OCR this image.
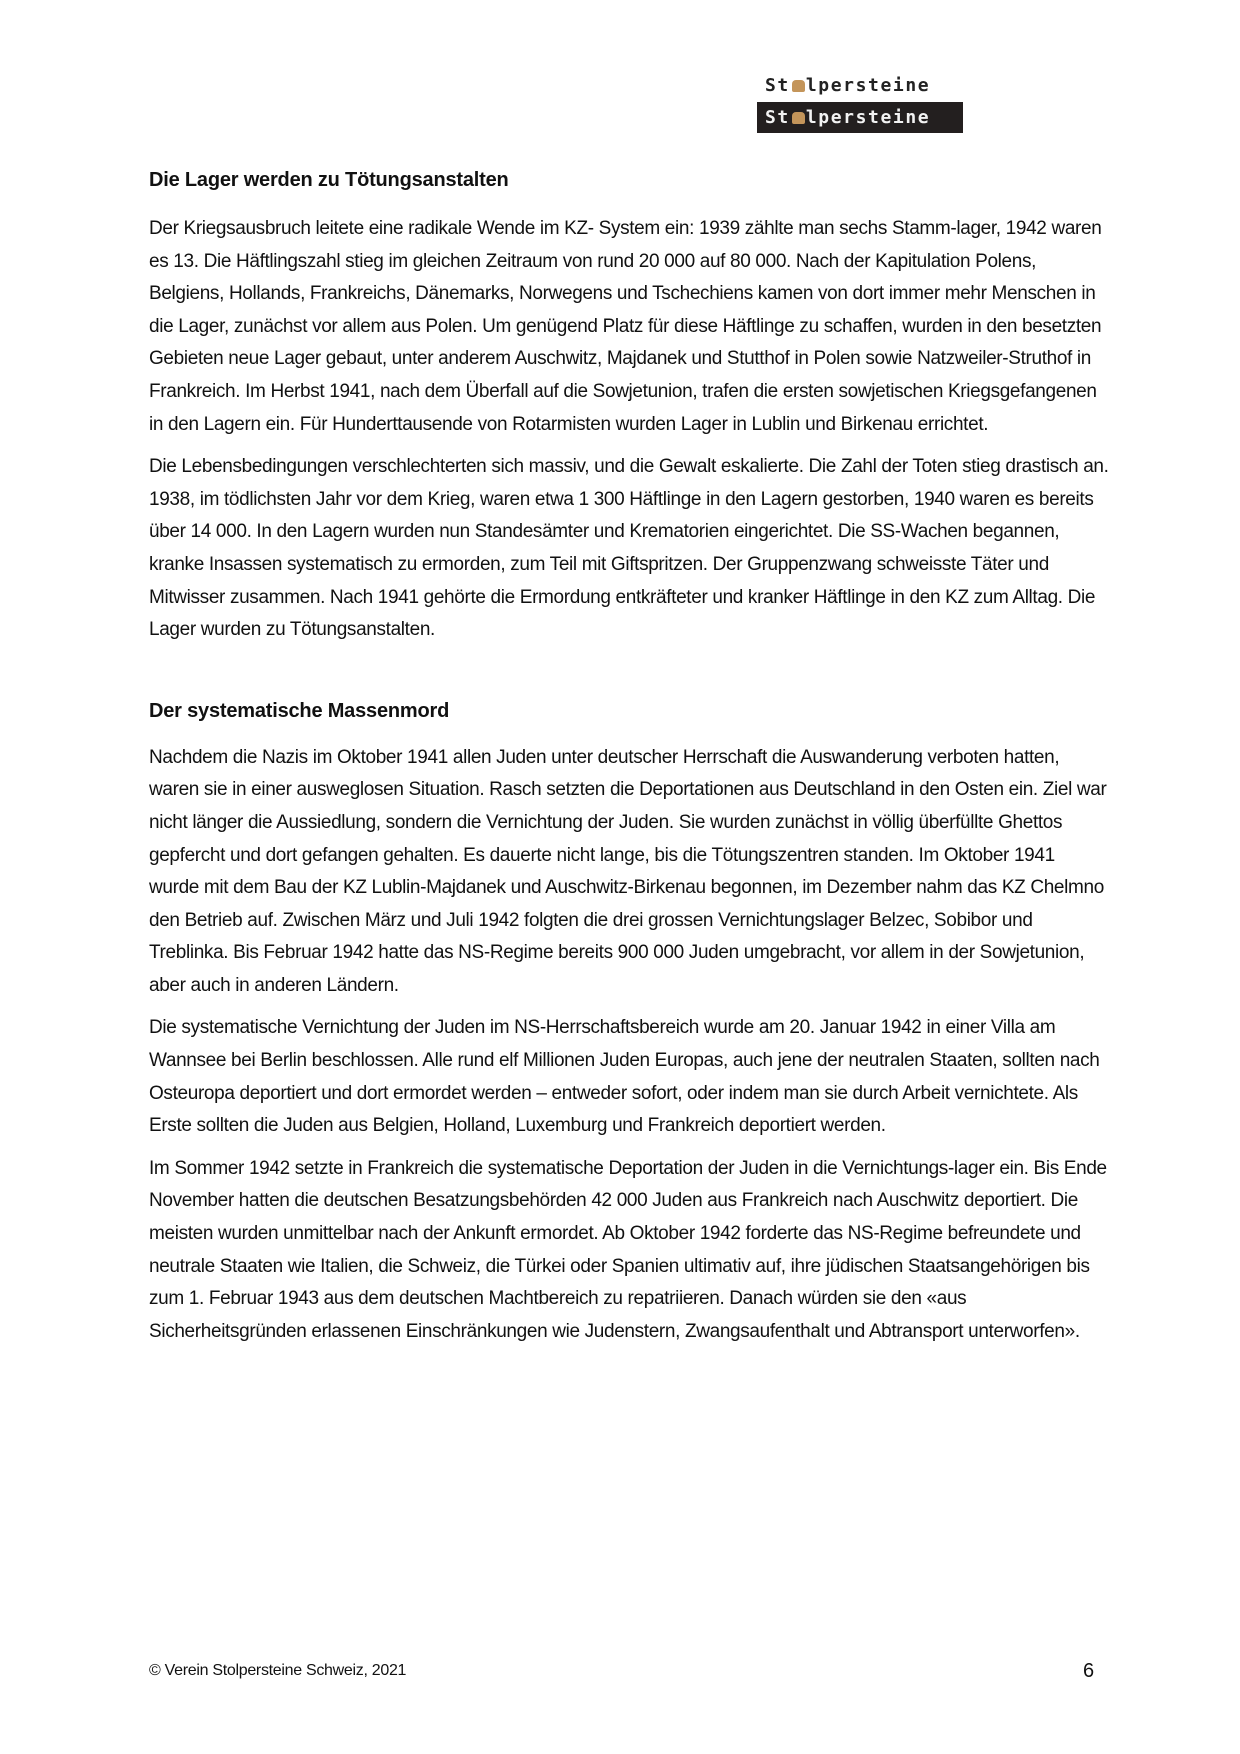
St lpersteine
St lpersteine
Die Lager werden zu Tötungsanstalten

Der Kriegsausbruch leitete eine radikale Wende im KZ- System ein: 1939 zählte man sechs Stamm-lager, 1942 waren es 13. Die Häftlingszahl stieg im gleichen Zeitraum von rund 20 000 auf 80 000. Nach der Kapitulation Polens, Belgiens, Hollands, Frankreichs, Dänemarks, Norwegens und Tschechiens kamen von dort immer mehr Menschen in die Lager, zunächst vor allem aus Polen. Um genügend Platz für diese Häftlinge zu schaffen, wurden in den besetzten Gebieten neue Lager gebaut, unter anderem Auschwitz, Majdanek und Stutthof in Polen sowie Natzweiler-Struthof in Frankreich. Im Herbst 1941, nach dem Überfall auf die Sowjetunion, trafen die ersten sowjetischen Kriegsgefangenen in den Lagern ein. Für Hunderttausende von Rotarmisten wurden Lager in Lublin und Birkenau errichtet.

Die Lebensbedingungen verschlechterten sich massiv, und die Gewalt eskalierte. Die Zahl der Toten stieg drastisch an. 1938, im tödlichsten Jahr vor dem Krieg, waren etwa 1 300 Häftlinge in den Lagern gestorben, 1940 waren es bereits über 14 000. In den Lagern wurden nun Standesämter und Krematorien eingerichtet. Die SS-Wachen begannen, kranke Insassen systematisch zu ermorden, zum Teil mit Giftspritzen. Der Gruppenzwang schweisste Täter und Mitwisser zusammen. Nach 1941 gehörte die Ermordung entkräfteter und kranker Häftlinge in den KZ zum Alltag. Die Lager wurden zu Tötungsanstalten.

Der systematische Massenmord

Nachdem die Nazis im Oktober 1941 allen Juden unter deutscher Herrschaft die Auswanderung verboten hatten, waren sie in einer ausweglosen Situation. Rasch setzten die Deportationen aus Deutschland in den Osten ein. Ziel war nicht länger die Aussiedlung, sondern die Vernichtung der Juden. Sie wurden zunächst in völlig überfüllte Ghettos gepfercht und dort gefangen gehalten. Es dauerte nicht lange, bis die Tötungszentren standen. Im Oktober 1941 wurde mit dem Bau der KZ Lublin-Majdanek und Auschwitz-Birkenau begonnen, im Dezember nahm das KZ Chelmno den Betrieb auf. Zwischen März und Juli 1942 folgten die drei grossen Vernichtungslager Belzec, Sobibor und Treblinka. Bis Februar 1942 hatte das NS-Regime bereits 900 000 Juden umgebracht, vor allem in der Sowjetunion, aber auch in anderen Ländern.

Die systematische Vernichtung der Juden im NS-Herrschaftsbereich wurde am 20. Januar 1942 in einer Villa am Wannsee bei Berlin beschlossen. Alle rund elf Millionen Juden Europas, auch jene der neutralen Staaten, sollten nach Osteuropa deportiert und dort ermordet werden – entweder sofort, oder indem man sie durch Arbeit vernichtete. Als Erste sollten die Juden aus Belgien, Holland, Luxemburg und Frankreich deportiert werden.

Im Sommer 1942 setzte in Frankreich die systematische Deportation der Juden in die Vernichtungs-lager ein. Bis Ende November hatten die deutschen Besatzungsbehörden 42 000 Juden aus Frankreich nach Auschwitz deportiert. Die meisten wurden unmittelbar nach der Ankunft ermordet. Ab Oktober 1942 forderte das NS-Regime befreundete und neutrale Staaten wie Italien, die Schweiz, die Türkei oder Spanien ultimativ auf, ihre jüdischen Staatsangehörigen bis zum 1. Februar 1943 aus dem deutschen Machtbereich zu repatriieren. Danach würden sie den «aus Sicherheitsgründen erlassenen Einschränkungen wie Judenstern, Zwangsaufenthalt und Abtransport unterworfen».

© Verein Stolpersteine Schweiz, 2021	6
